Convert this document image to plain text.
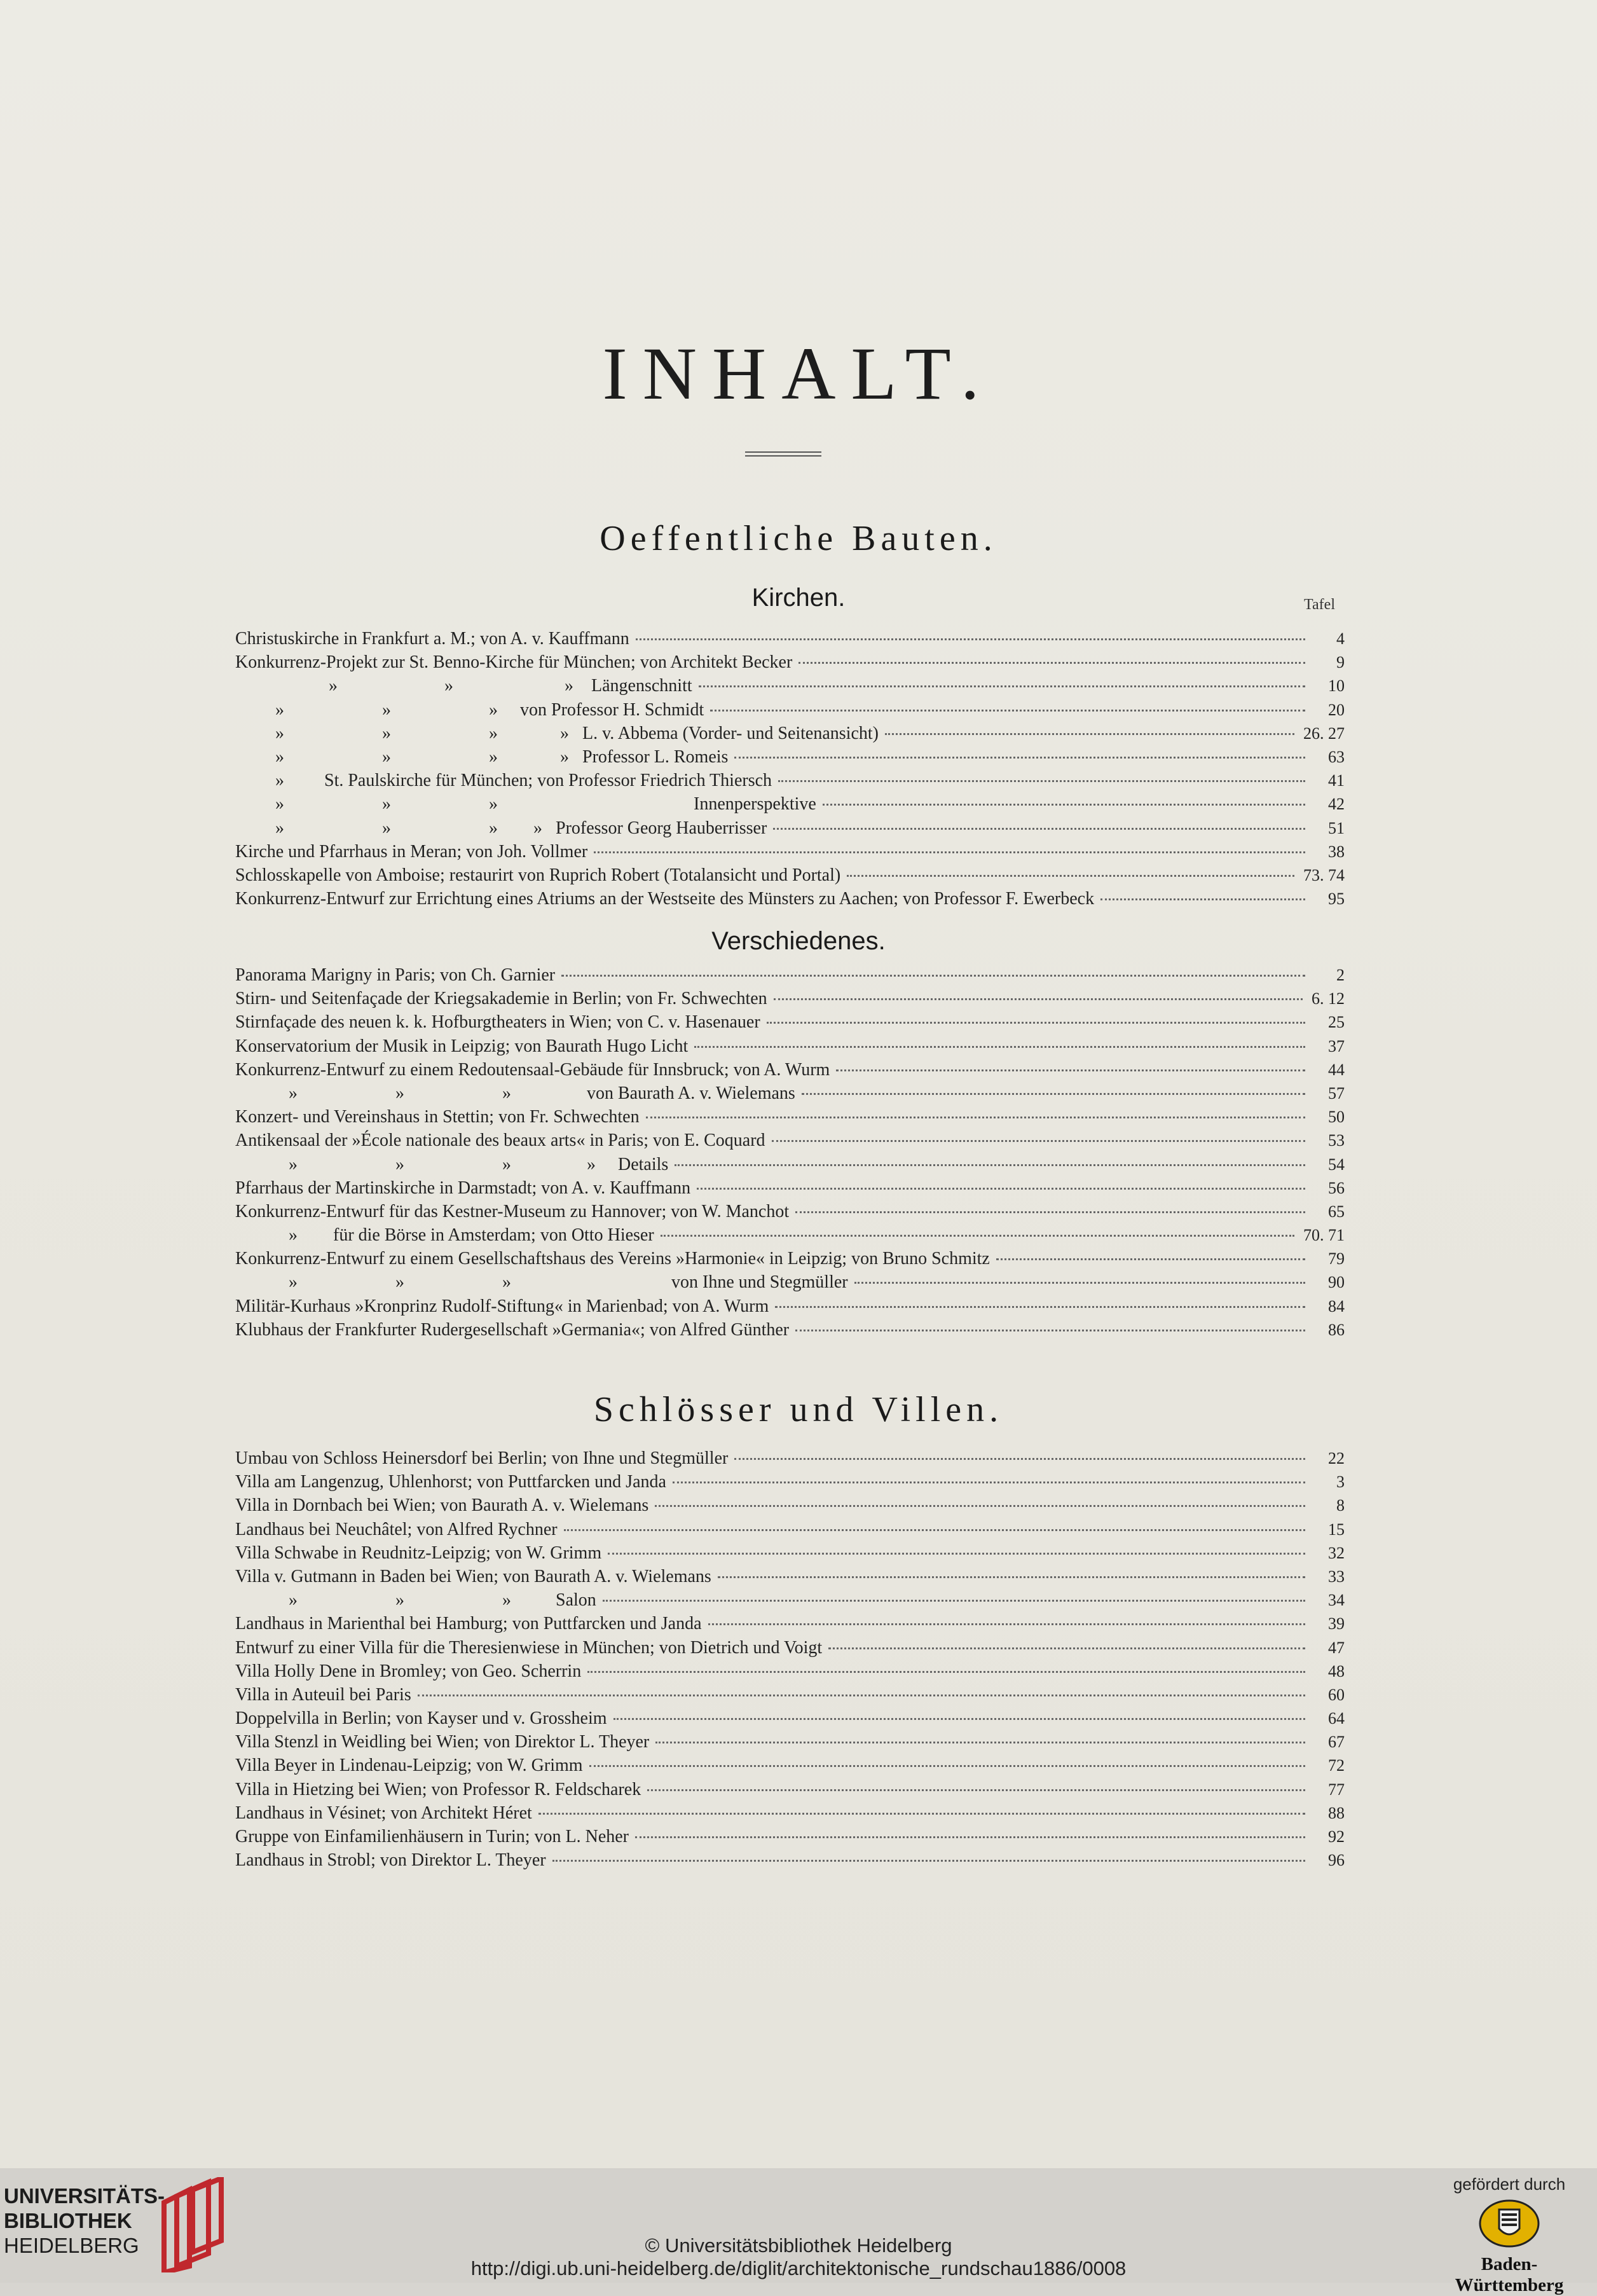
INHALT.
Oeffentliche Bauten.
Kirchen.	Tafel
Christuskirche in Frankfurt a. M.; von A. v. Kauffmann	4
Konkurrenz-Projekt zur St. Benno-Kirche für München; von Architekt Becker	9
»                        »                         »    Längenschnitt	10
»                      »                      »     von Professor H. Schmidt	20
»                      »                      »              »   L. v. Abbema (Vorder- und Seitenansicht)	26. 27
»                      »                      »              »   Professor L. Romeis	63
»         St. Paulskirche für München; von Professor Friedrich Thiersch	41
»                      »                      »                                            Innenperspektive	42
»                      »                      »        »   Professor Georg Hauberrisser	51
Kirche und Pfarrhaus in Meran; von Joh. Vollmer	38
Schlosskapelle von Amboise; restaurirt von Ruprich Robert (Totalansicht und Portal)	73. 74
Konkurrenz-Entwurf zur Errichtung eines Atriums an der Westseite des Münsters zu Aachen; von Professor F. Ewerbeck	95
Verschiedenes.
Panorama Marigny in Paris; von Ch. Garnier	2
Stirn- und Seitenfaçade der Kriegsakademie in Berlin; von Fr. Schwechten	6. 12
Stirnfaçade des neuen k. k. Hofburgtheaters in Wien; von C. v. Hasenauer	25
Konservatorium der Musik in Leipzig; von Baurath Hugo Licht	37
Konkurrenz-Entwurf zu einem Redoutensaal-Gebäude für Innsbruck; von A. Wurm	44
»                      »                      »                 von Baurath A. v. Wielemans	57
Konzert- und Vereinshaus in Stettin; von Fr. Schwechten	50
Antikensaal der »École nationale des beaux arts« in Paris; von E. Coquard	53
»                      »                      »                 »     Details	54
Pfarrhaus der Martinskirche in Darmstadt; von A. v. Kauffmann	56
Konkurrenz-Entwurf für das Kestner-Museum zu Hannover; von W. Manchot	65
»        für die Börse in Amsterdam; von Otto Hieser	70. 71
Konkurrenz-Entwurf zu einem Gesellschaftshaus des Vereins »Harmonie« in Leipzig; von Bruno Schmitz	79
»                      »                      »                                    von Ihne und Stegmüller	90
Militär-Kurhaus »Kronprinz Rudolf-Stiftung« in Marienbad; von A. Wurm	84
Klubhaus der Frankfurter Rudergesellschaft »Germania«; von Alfred Günther	86
Schlösser und Villen.
Umbau von Schloss Heinersdorf bei Berlin; von Ihne und Stegmüller	22
Villa am Langenzug, Uhlenhorst; von Puttfarcken und Janda	3
Villa in Dornbach bei Wien; von Baurath A. v. Wielemans	8
Landhaus bei Neuchâtel; von Alfred Rychner	15
Villa Schwabe in Reudnitz-Leipzig; von W. Grimm	32
Villa v. Gutmann in Baden bei Wien; von Baurath A. v. Wielemans	33
»                      »                      »          Salon	34
Landhaus in Marienthal bei Hamburg; von Puttfarcken und Janda	39
Entwurf zu einer Villa für die Theresienwiese in München; von Dietrich und Voigt	47
Villa Holly Dene in Bromley; von Geo. Scherrin	48
Villa in Auteuil bei Paris	60
Doppelvilla in Berlin; von Kayser und v. Grossheim	64
Villa Stenzl in Weidling bei Wien; von Direktor L. Theyer	67
Villa Beyer in Lindenau-Leipzig; von W. Grimm	72
Villa in Hietzing bei Wien; von Professor R. Feldscharek	77
Landhaus in Vésinet; von Architekt Héret	88
Gruppe von Einfamilienhäusern in Turin; von L. Neher	92
Landhaus in Strobl; von Direktor L. Theyer	96
UNIVERSITÄTS-
BIBLIOTHEK
HEIDELBERG	© Universitätsbibliothek Heidelberg
http://digi.ub.uni-heidelberg.de/diglit/architektonische_rundschau1886/0008
gefördert durch
Baden-Württemberg
